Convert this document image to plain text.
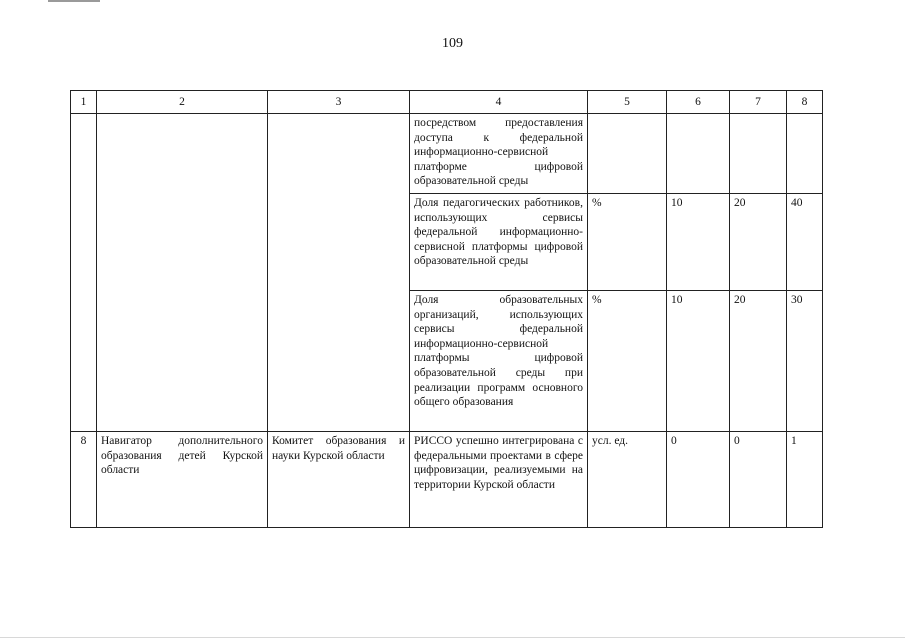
109
1	2	3	4	5	6	7	8
			посредством предоставления доступа к федеральной информационно-сервисной платформе цифровой образовательной среды				
			Доля педагогических работников, использующих сервисы федеральной информационно-сервисной платформы цифровой образовательной среды	%	10	20	40
			Доля образовательных организаций, использующих сервисы федеральной информационно-сервисной платформы цифровой образовательной среды при реализации программ основного общего образования	%	10	20	30
8	Навигатор дополнительного образования детей Курской области	Комитет образования и науки Курской области	РИССО успешно интегрирована с федеральными проектами в сфере цифровизации, реализуемыми на территории Курской области	усл. ед.	0	0	1
